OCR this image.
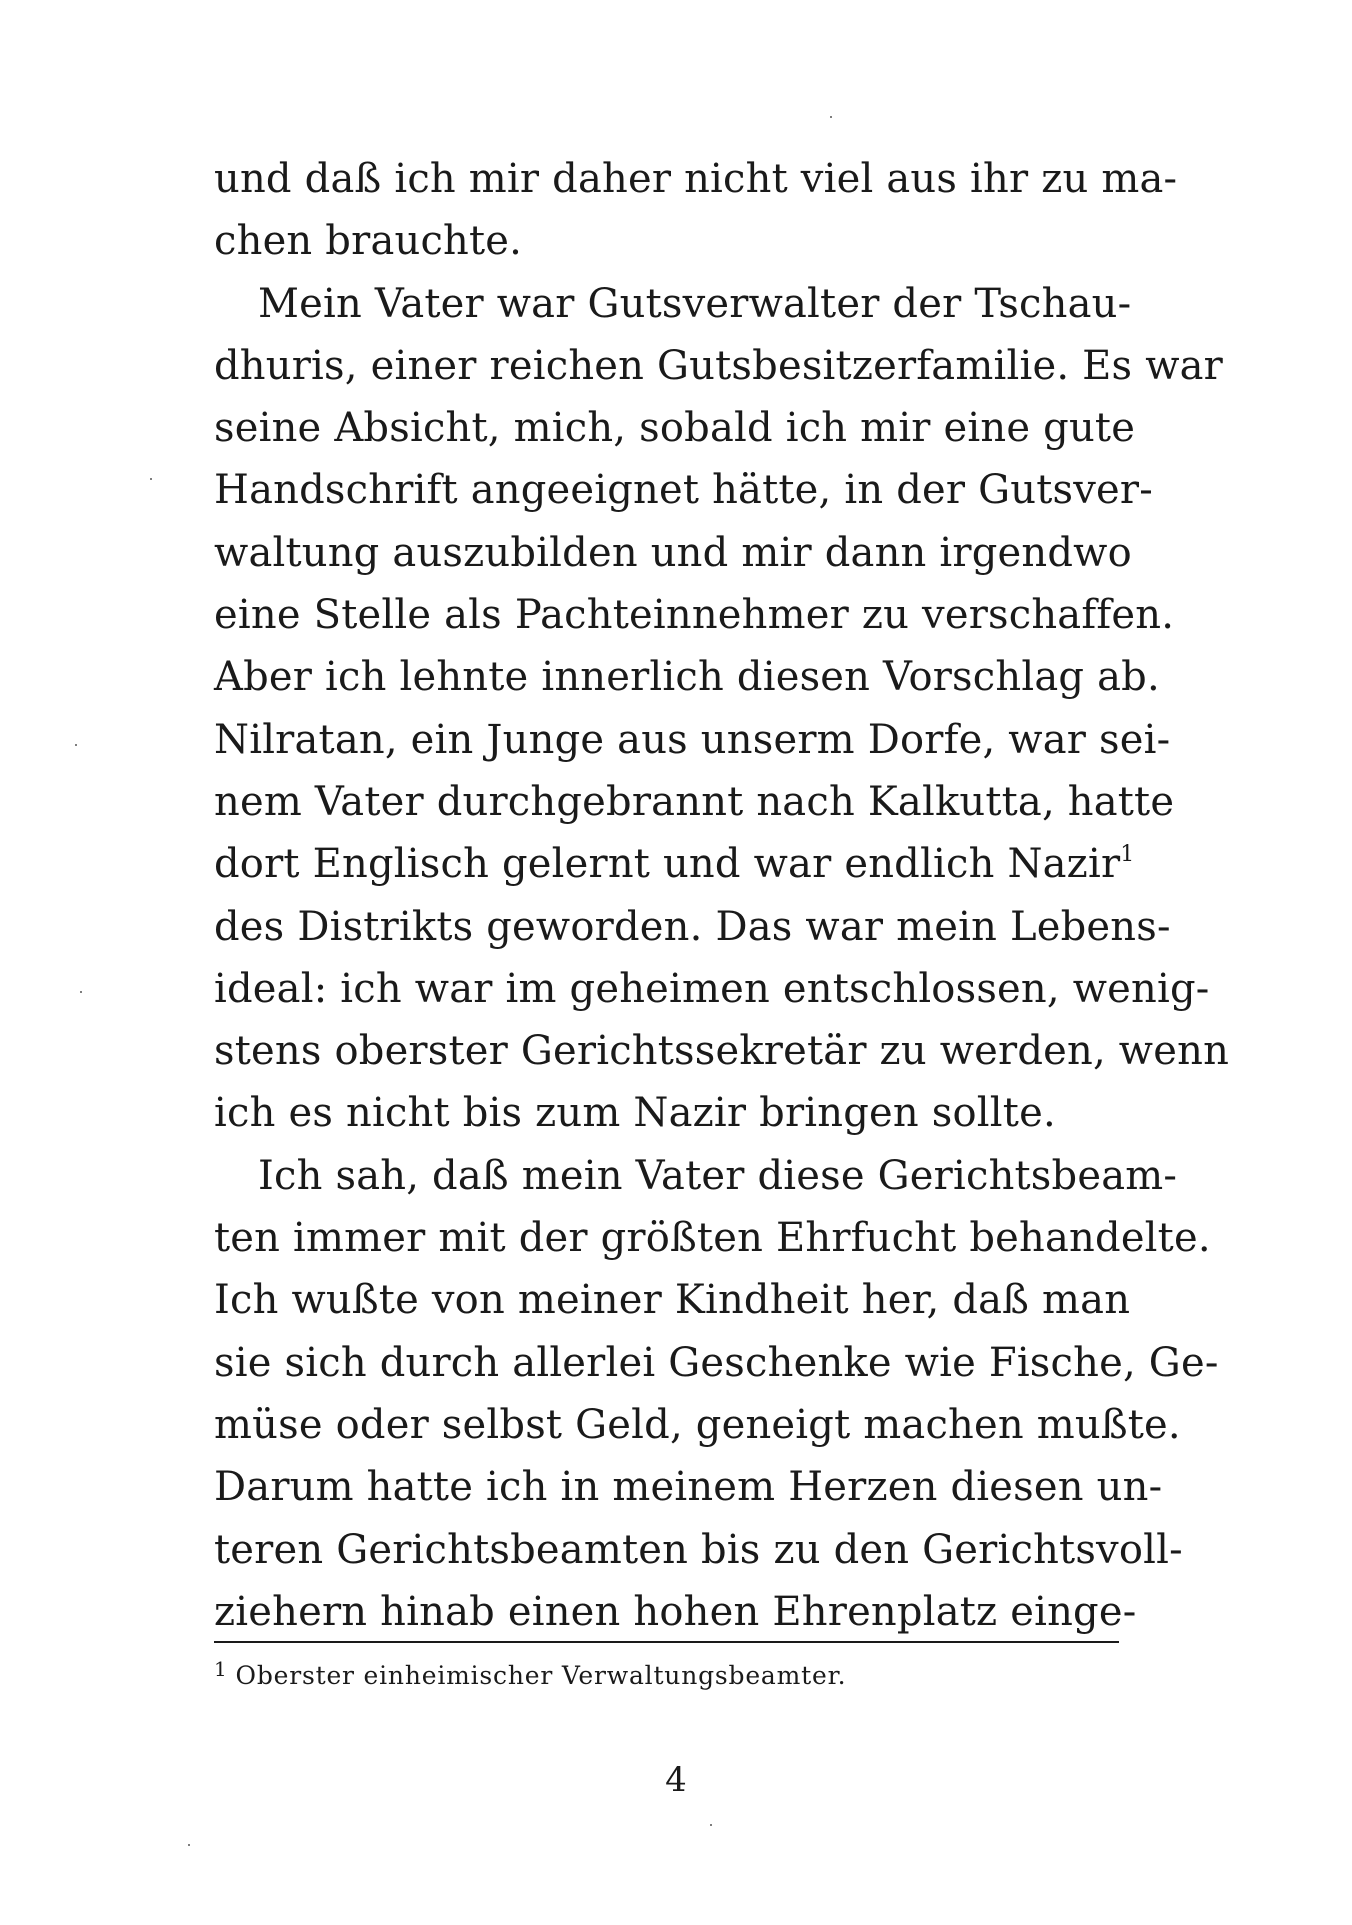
und daß ich mir daher nicht viel aus ihr zu ma-
chen brauchte.
Mein Vater war Gutsverwalter der Tschau-
dhuris, einer reichen Gutsbesitzerfamilie. Es war
seine Absicht, mich, sobald ich mir eine gute
Handschrift angeeignet hätte, in der Gutsver-
waltung auszubilden und mir dann irgendwo
eine Stelle als Pachteinnehmer zu verschaffen.
Aber ich lehnte innerlich diesen Vorschlag ab.
Nilratan, ein Junge aus unserm Dorfe, war sei-
nem Vater durchgebrannt nach Kalkutta, hatte
dort Englisch gelernt und war endlich Nazir$^1$
des Distrikts geworden. Das war mein Lebens-
ideal: ich war im geheimen entschlossen, wenig-
stens oberster Gerichtssekretär zu werden, wenn
ich es nicht bis zum Nazir bringen sollte.
Ich sah, daß mein Vater diese Gerichtsbeam-
ten immer mit der größten Ehrfucht behandelte.
Ich wußte von meiner Kindheit her, daß man
sie sich durch allerlei Geschenke wie Fische, Ge-
müse oder selbst Geld, geneigt machen mußte.
Darum hatte ich in meinem Herzen diesen un-
teren Gerichtsbeamten bis zu den Gerichtsvoll-
ziehern hinab einen hohen Ehrenplatz einge-
$^1$ Oberster einheimischer Verwaltungsbeamter.
4
